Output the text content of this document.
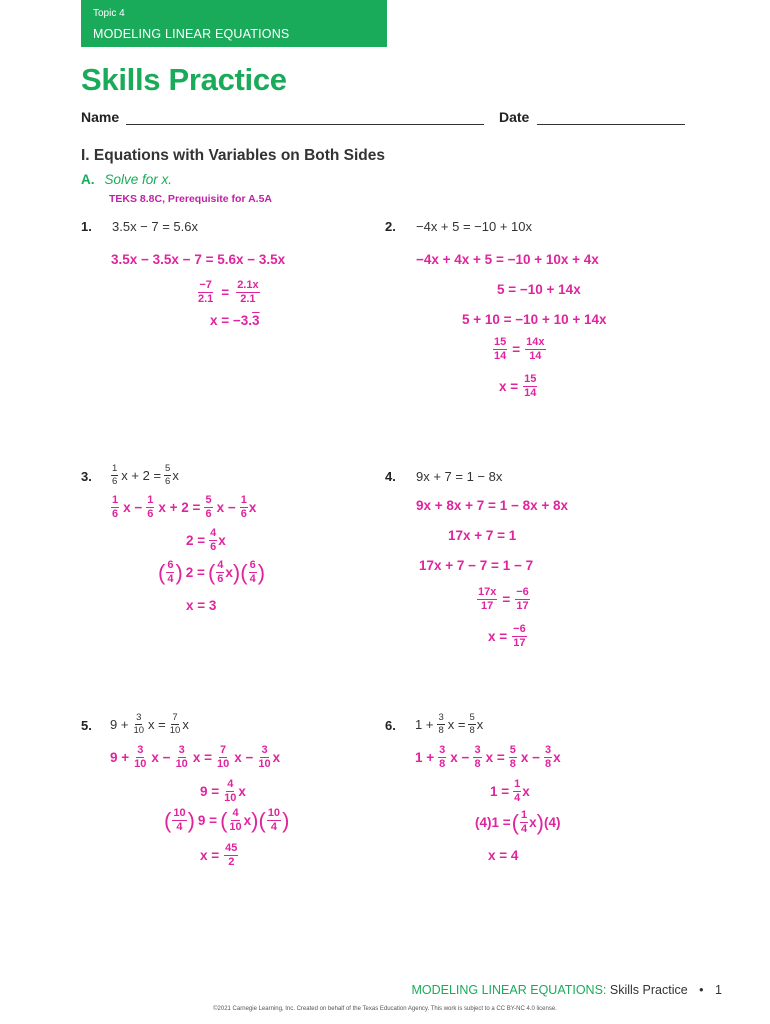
Topic 4
MODELING LINEAR EQUATIONS
Skills Practice
Name	Date
I. Equations with Variables on Both Sides
A. Solve for x.
TEKS 8.8C, Prerequisite for A.5A
1. 3.5x − 7 = 5.6x
3.5x − 3.5x − 7 = 5.6x − 3.5x
$\frac{-7}{2.1} = \frac{2.1x}{2.1}$
x = −3. 3
2. −4x + 5 = −10 + 10x
−4x + 4x + 5 = −10 + 10x + 4x
5 = −10 + 14x
5 + 10 = −10 + 10 + 14x
$\frac{15}{14} = \frac{14x}{14}$
$x = \frac{15}{14}$
3. $\frac{1}{6}$ $x + 2 = \frac{5}{6}$ x
$\frac{1}{6}$ $x - \frac{1}{6}$ $x + 2 = \frac{5}{6}$ $x - \frac{1}{6}$ x
$2 = \frac{4}{6}$ x
( $\frac{6}{4}$ ) 2 = ( $\frac{4}{6}$ x ) ( $\frac{6}{4}$ )
x = 3
4. 9x + 7 = 1 − 8x
9x + 8x + 7 = 1 − 8x + 8x
17x + 7 = 1
17x + 7 − 7 = 1 − 7
$\frac{17x}{17} = \frac{-6}{17}$
$x = \frac{-6}{17}$
5. $9 + \frac{3}{10}$ $x = \frac{7}{10}$ x
$9 + \frac{3}{10}$ $x - \frac{3}{10}$ $x = \frac{7}{10}$ $x - \frac{3}{10}$ x
$9 = \frac{4}{10}$ x
( $\frac{10}{4}$ ) 9 = ( $\frac{4}{10}$ x ) ( $\frac{10}{4}$ )
$x = \frac{45}{2}$
6. $1 + \frac{3}{8}$ $x = \frac{5}{8}$ x
$1 + \frac{3}{8}$ $x - \frac{3}{8}$ $x = \frac{5}{8}$ $x - \frac{3}{8}$ x
$1 = \frac{1}{4}$ x
(4)1 = ( $\frac{1}{4}$ x ) (4)
x = 4
MODELING LINEAR EQUATIONS: Skills Practice • 1
©2021 Carnegie Learning, Inc. Created on behalf of the Texas Education Agency. This work is subject to a CC BY-NC 4.0 license.
